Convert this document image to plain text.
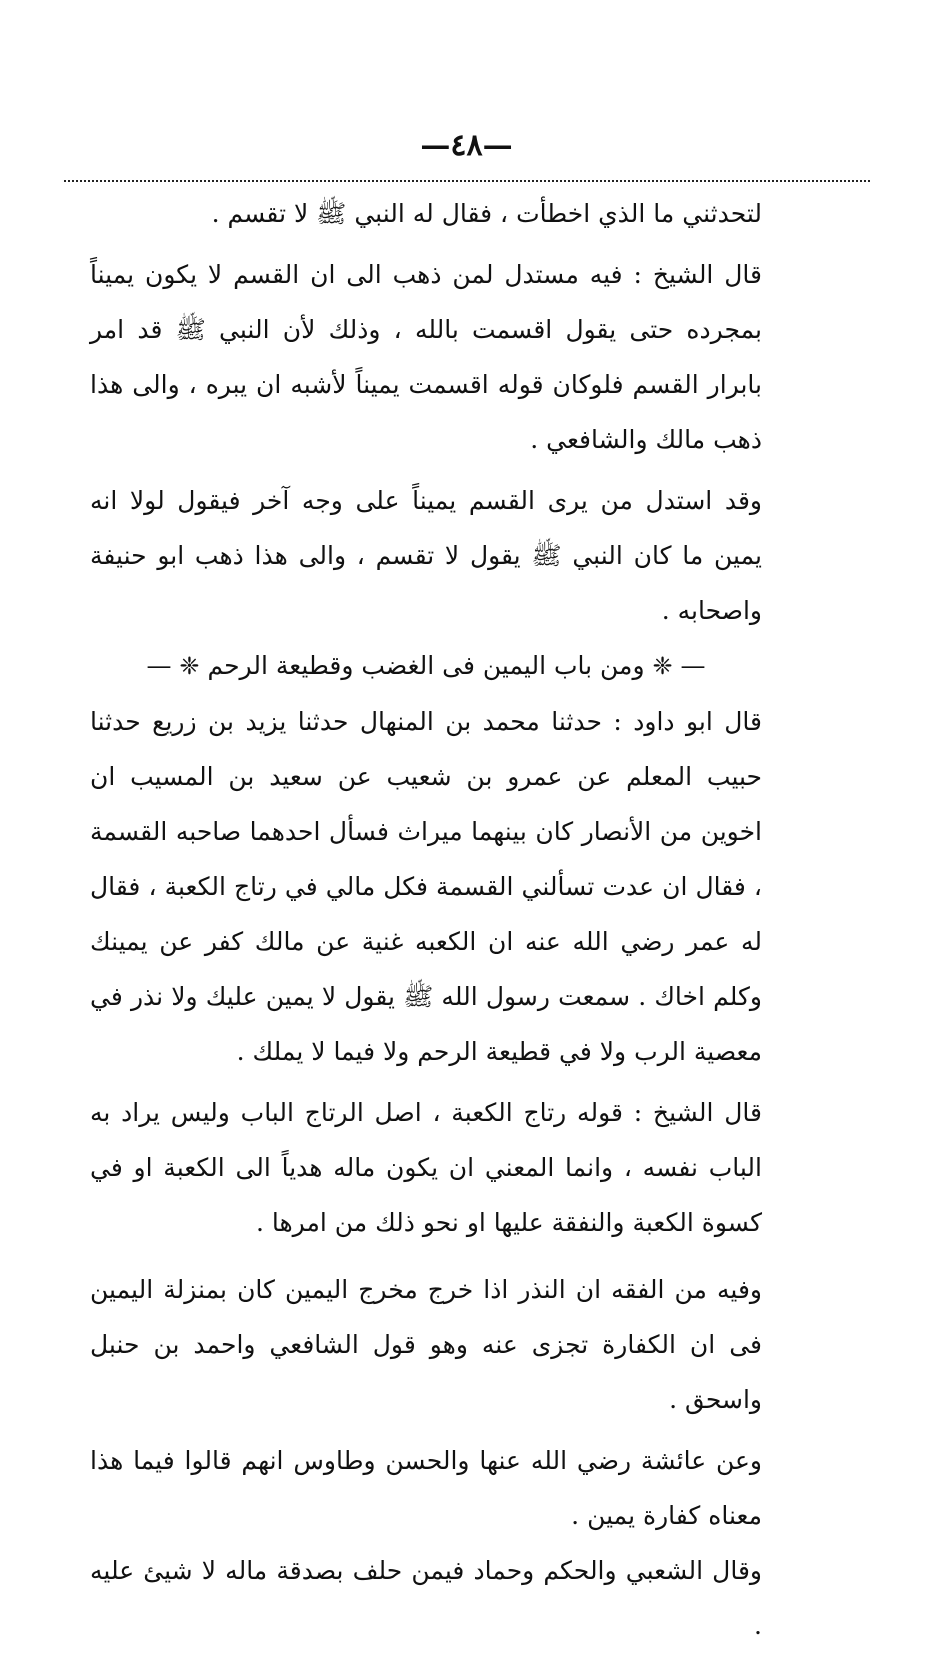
—٤٨—

لتحدثني ما الذي اخطأت ، فقال له النبي ﷺ لا تقسم .

قال الشيخ : فيه مستدل لمن ذهب الى ان القسم لا يكون يميناً بمجرده حتى يقول اقسمت بالله ، وذلك لأن النبي ﷺ قد امر بابرار القسم فلوكان قوله اقسمت يميناً لأشبه ان يبره ، والى هذا ذهب مالك والشافعي .

وقد استدل من يرى القسم يميناً على وجه آخر فيقول لولا انه يمين ما كان النبي ﷺ يقول لا تقسم ، والى هذا ذهب ابو حنيفة واصحابه .

— ❈ ومن باب اليمين فى الغضب وقطيعة الرحم ❈ —

قال ابو داود : حدثنا محمد بن المنهال حدثنا يزيد بن زريع حدثنا حبيب المعلم عن عمرو بن شعيب عن سعيد بن المسيب ان اخوين من الأنصار كان بينهما ميراث فسأل احدهما صاحبه القسمة ، فقال ان عدت تسألني القسمة فكل مالي في رتاج الكعبة ، فقال له عمر رضي الله عنه ان الكعبه غنية عن مالك كفر عن يمينك وكلم اخاك . سمعت رسول الله ﷺ يقول لا يمين عليك ولا نذر في معصية الرب ولا في قطيعة الرحم ولا فيما لا يملك .

قال الشيخ : قوله رتاج الكعبة ، اصل الرتاج الباب وليس يراد به الباب نفسه ، وانما المعني ان يكون ماله هدياً الى الكعبة او في كسوة الكعبة والنفقة عليها او نحو ذلك من امرها .

وفيه من الفقه ان النذر اذا خرج مخرج اليمين كان بمنزلة اليمين فى ان الكفارة تجزى عنه وهو قول الشافعي واحمد بن حنبل واسحق .

وعن عائشة رضي الله عنها والحسن وطاوس انهم قالوا فيما هذا معناه كفارة يمين .

وقال الشعبي والحكم وحماد فيمن حلف بصدقة ماله لا شيئ عليه .
